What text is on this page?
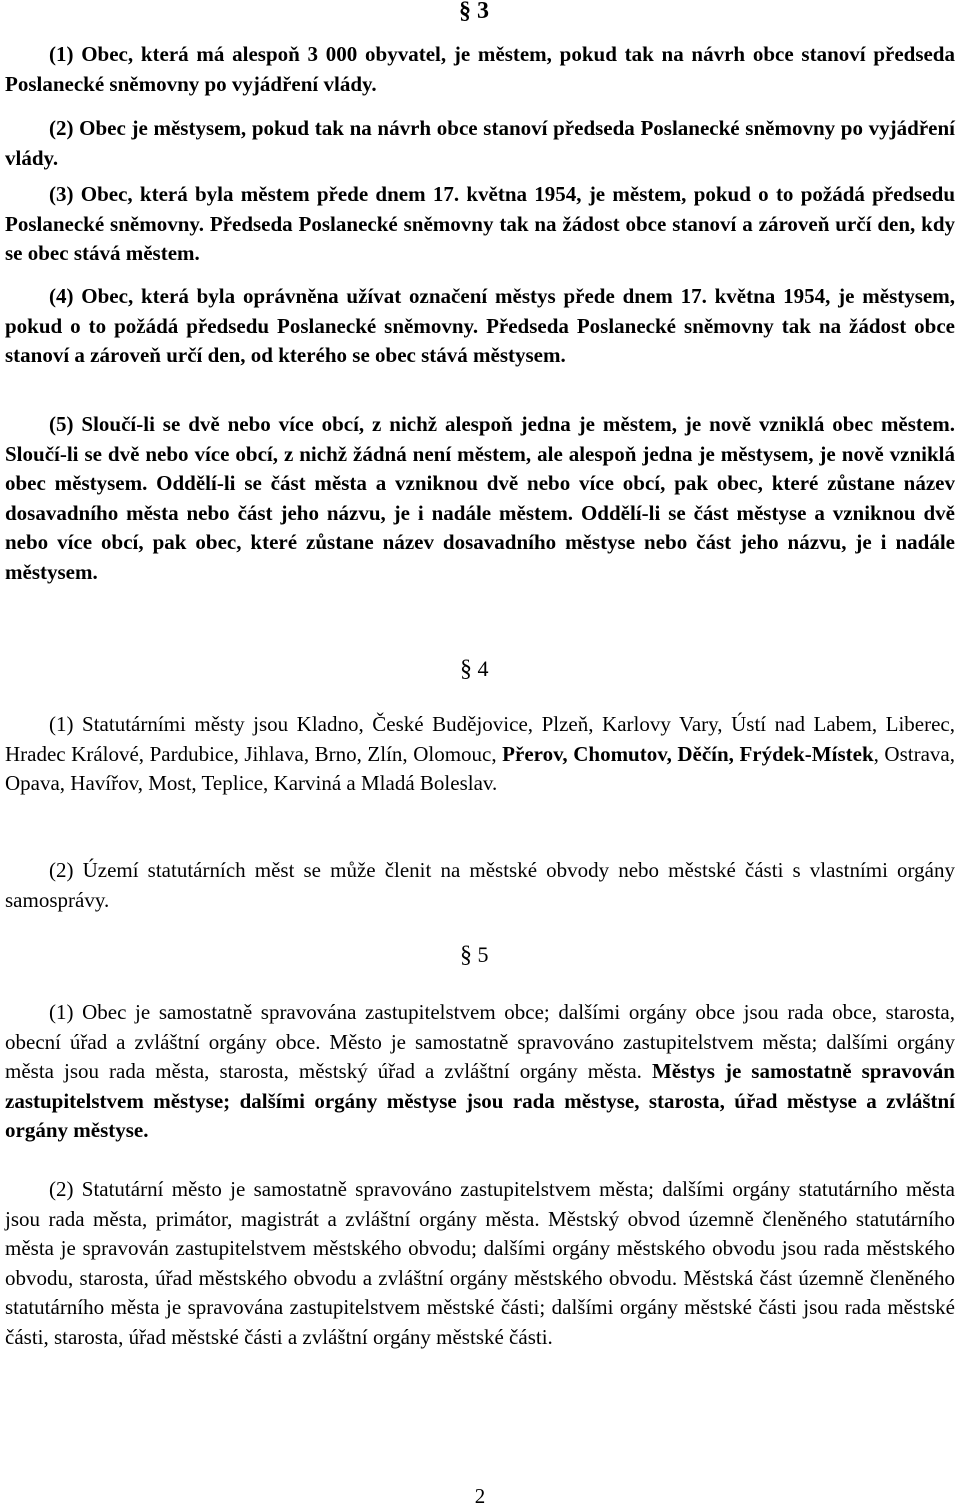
§ 3

(1) Obec, která má alespoň 3 000 obyvatel, je městem, pokud tak na návrh obce stanoví předseda Poslanecké sněmovny po vyjádření vlády.

(2) Obec je městysem, pokud tak na návrh obce stanoví předseda Poslanecké sněmovny po vyjádření vlády.

(3) Obec, která byla městem přede dnem 17. května 1954, je městem, pokud o to požádá předsedu Poslanecké sněmovny. Předseda Poslanecké sněmovny tak na žádost obce stanoví a zároveň určí den, kdy se obec stává městem.

(4) Obec, která byla oprávněna užívat označení městys přede dnem 17. května 1954, je městysem, pokud o to požádá předsedu Poslanecké sněmovny. Předseda Poslanecké sněmovny tak na žádost obce stanoví a zároveň určí den, od kterého se obec stává městysem.

(5) Sloučí-li se dvě nebo více obcí, z nichž alespoň jedna je městem, je nově vzniklá obec městem. Sloučí-li se dvě nebo více obcí, z nichž žádná není městem, ale alespoň jedna je městysem, je nově vzniklá obec městysem. Oddělí-li se část města a vzniknou dvě nebo více obcí, pak obec, které zůstane název dosavadního města nebo část jeho názvu, je i nadále městem. Oddělí-li se část městyse a vzniknou dvě nebo více obcí, pak obec, které zůstane název dosavadního městyse nebo část jeho názvu, je i nadále městysem.

§ 4

(1) Statutárními městy jsou Kladno, České Budějovice, Plzeň, Karlovy Vary, Ústí nad Labem, Liberec, Hradec Králové, Pardubice, Jihlava, Brno, Zlín, Olomouc, Přerov, Chomutov, Děčín, Frýdek-Místek, Ostrava, Opava, Havířov, Most, Teplice, Karviná a Mladá Boleslav.

(2) Území statutárních měst se může členit na městské obvody nebo městské části s vlastními orgány samosprávy.

§ 5

(1) Obec je samostatně spravována zastupitelstvem obce; dalšími orgány obce jsou rada obce, starosta, obecní úřad a zvláštní orgány obce. Město je samostatně spravováno zastupitelstvem města; dalšími orgány města jsou rada města, starosta, městský úřad a zvláštní orgány města. Městys je samostatně spravován zastupitelstvem městyse; dalšími orgány městyse jsou rada městyse, starosta, úřad městyse a zvláštní orgány městyse.

(2) Statutární město je samostatně spravováno zastupitelstvem města; dalšími orgány statutárního města jsou rada města, primátor, magistrát a zvláštní orgány města. Městský obvod územně členěného statutárního města je spravován zastupitelstvem městského obvodu; dalšími orgány městského obvodu jsou rada městského obvodu, starosta, úřad městského obvodu a zvláštní orgány městského obvodu. Městská část územně členěného statutárního města je spravována zastupitelstvem městské části; dalšími orgány městské části jsou rada městské části, starosta, úřad městské části a zvláštní orgány městské části.

2
